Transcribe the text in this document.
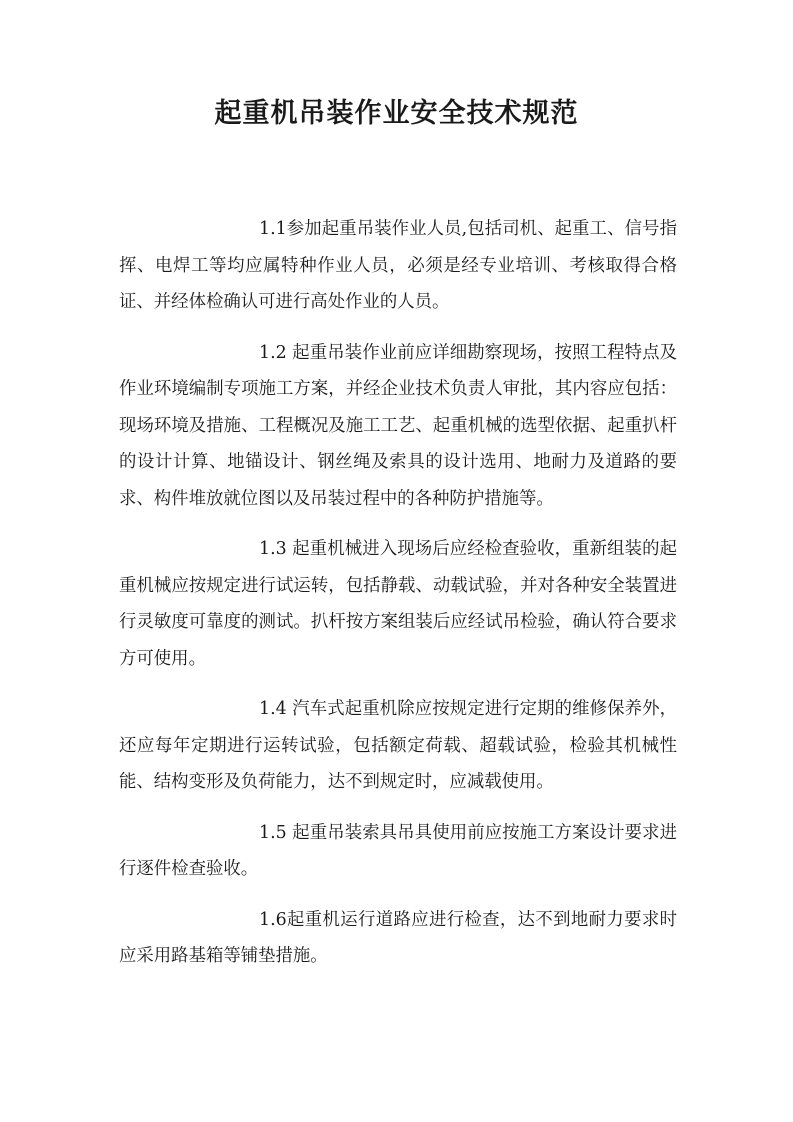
起重机吊装作业安全技术规范

1.1参加起重吊装作业人员,包括司机、起重工、信号指挥、电焊工等均应属特种作业人员，必须是经专业培训、考核取得合格证、并经体检确认可进行高处作业的人员。

1.2 起重吊装作业前应详细勘察现场，按照工程特点及作业环境编制专项施工方案，并经企业技术负责人审批，其内容应包括：现场环境及措施、工程概况及施工工艺、起重机械的选型依据、起重扒杆的设计计算、地锚设计、钢丝绳及索具的设计选用、地耐力及道路的要求、构件堆放就位图以及吊装过程中的各种防护措施等。

1.3 起重机械进入现场后应经检查验收，重新组装的起重机械应按规定进行试运转，包括静载、动载试验，并对各种安全装置进行灵敏度可靠度的测试。扒杆按方案组装后应经试吊检验，确认符合要求方可使用。

1.4 汽车式起重机除应按规定进行定期的维修保养外，还应每年定期进行运转试验，包括额定荷载、超载试验，检验其机械性能、结构变形及负荷能力，达不到规定时，应减载使用。

1.5 起重吊装索具吊具使用前应按施工方案设计要求进行逐件检查验收。

1.6起重机运行道路应进行检查，达不到地耐力要求时应采用路基箱等铺垫措施。
